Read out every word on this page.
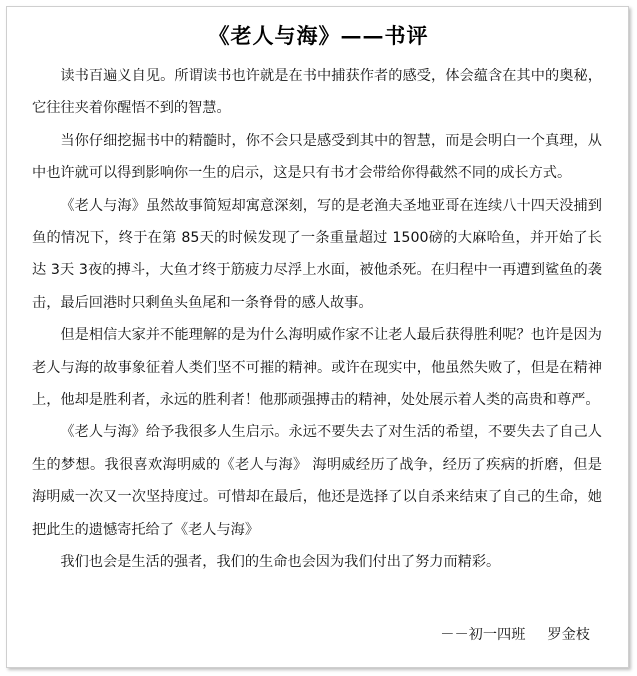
《老人与海》——书评

读书百遍义自见。所谓读书也许就是在书中捕获作者的感受，体会蕴含在其中的奥秘，它往往夹着你醒悟不到的智慧。

当你仔细挖掘书中的精髓时，你不会只是感受到其中的智慧，而是会明白一个真理，从中也许就可以得到影响你一生的启示，这是只有书才会带给你得截然不同的成长方式。

《老人与海》虽然故事简短却寓意深刻，写的是老渔夫圣地亚哥在连续八十四天没捕到鱼的情况下，终于在第 85天的时候发现了一条重量超过 1500磅的大麻哈鱼，并开始了长达 3天 3夜的搏斗，大鱼才终于筋疲力尽浮上水面，被他杀死。在归程中一再遭到鲨鱼的袭击，最后回港时只剩鱼头鱼尾和一条脊骨的感人故事。

但是相信大家并不能理解的是为什么海明威作家不让老人最后获得胜利呢？也许是因为老人与海的故事象征着人类们坚不可摧的精神。或许在现实中，他虽然失败了，但是在精神上，他却是胜利者，永远的胜利者！他那顽强搏击的精神，处处展示着人类的高贵和尊严。

《老人与海》给予我很多人生启示。永远不要失去了对生活的希望，不要失去了自己人生的梦想。我很喜欢海明威的《老人与海》 海明威经历了战争，经历了疾病的折磨，但是海明威一次又一次坚持度过。可惜却在最后，他还是选择了以自杀来结束了自己的生命，她把此生的遗憾寄托给了《老人与海》

我们也会是生活的强者，我们的生命也会因为我们付出了努力而精彩。

－－初一四班 罗金枝
